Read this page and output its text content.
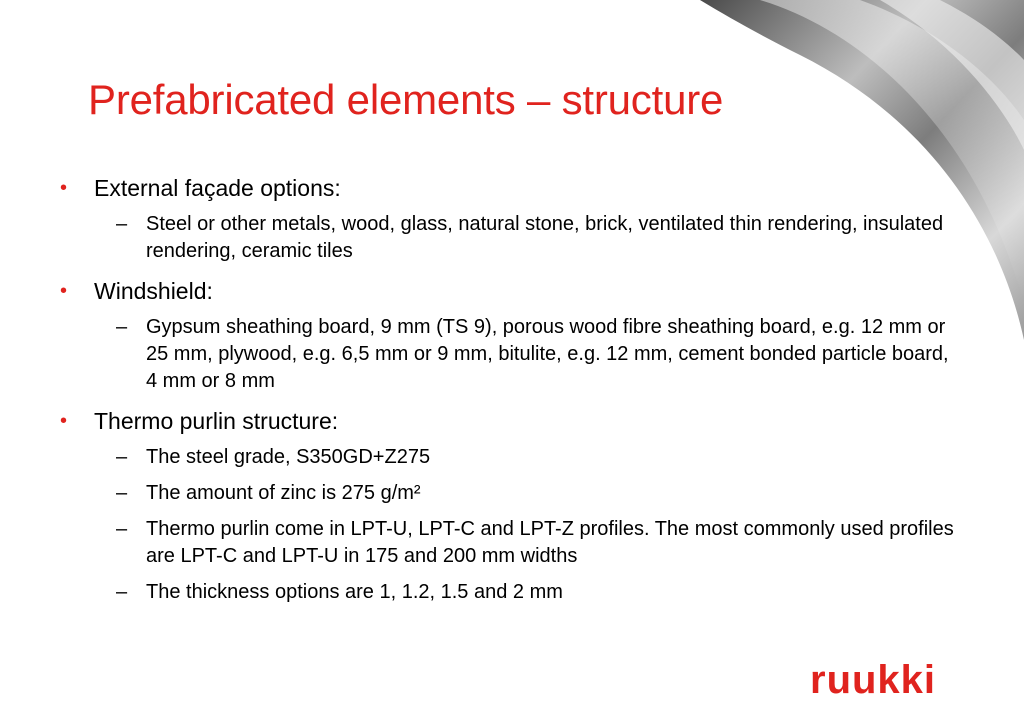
Prefabricated elements – structure
• External façade options:
– Steel or other metals, wood, glass, natural stone, brick, ventilated thin rendering, insulated rendering, ceramic tiles
• Windshield:
– Gypsum sheathing board, 9 mm (TS 9), porous wood fibre sheathing board, e.g. 12 mm or 25 mm, plywood, e.g. 6,5 mm or 9 mm, bitulite, e.g. 12 mm, cement bonded particle board, 4 mm or 8 mm
• Thermo purlin structure:
– The steel grade, S350GD+Z275
– The amount of zinc is 275 g/m²
– Thermo purlin come in LPT-U, LPT-C and LPT-Z profiles. The most commonly used profiles are LPT-C and LPT-U in 175 and 200 mm widths
– The thickness options are 1, 1.2, 1.5 and 2 mm
ruukki
